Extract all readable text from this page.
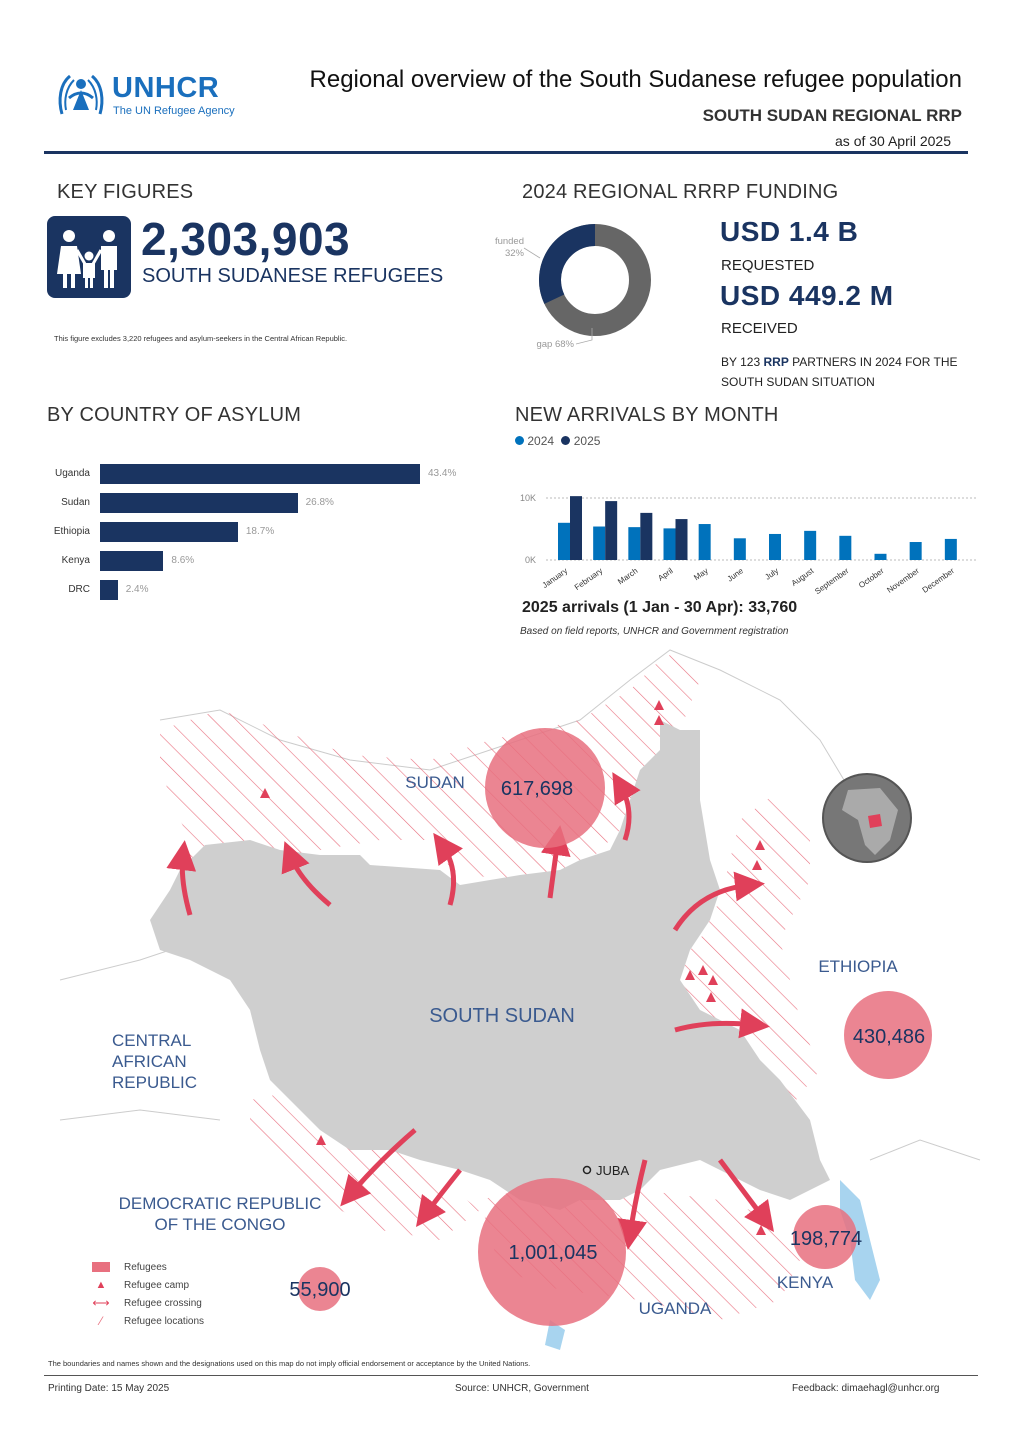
UNHCR
The UN Refugee Agency
Regional overview of the South Sudanese refugee population
SOUTH SUDAN REGIONAL RRP
as of 30 April 2025
KEY FIGURES
2,303,903
SOUTH SUDANESE REFUGEES
This figure excludes 3,220 refugees and asylum-seekers in the Central African Republic.
2024 REGIONAL RRRP FUNDING
funded
32%
gap 68%
USD 1.4 B
REQUESTED
USD 449.2 M
RECEIVED
BY 123 RRP PARTNERS IN 2024 FOR THE SOUTH SUDAN SITUATION
BY COUNTRY OF ASYLUM
Uganda	43.4%
Sudan	26.8%
Ethiopia	18.7%
Kenya	8.6%
DRC	2.4%
NEW ARRIVALS BY MONTH
2024 2025
0K
10K
January February March April May June July August
September October November December
2025 arrivals (1 Jan - 30 Apr): 33,760
Based on field reports, UNHCR and Government registration
617,698
430,486
1,001,045
198,774
55,900
SUDAN
SOUTH SUDAN
ETHIOPIA
UGANDA
KENYA
JUBA
CENTRAL AFRICAN REPUBLIC
DEMOCRATIC REPUBLIC OF THE CONGO
Refugees
▲	Refugee camp
⟷ Refugee crossing
⁄	Refugee locations
The boundaries and names shown and the designations used on this map do not imply official endorsement or acceptance by the United Nations.
Printing Date: 15 May 2025	Source: UNHCR, Government	Feedback: dimaehagl@unhcr.org
